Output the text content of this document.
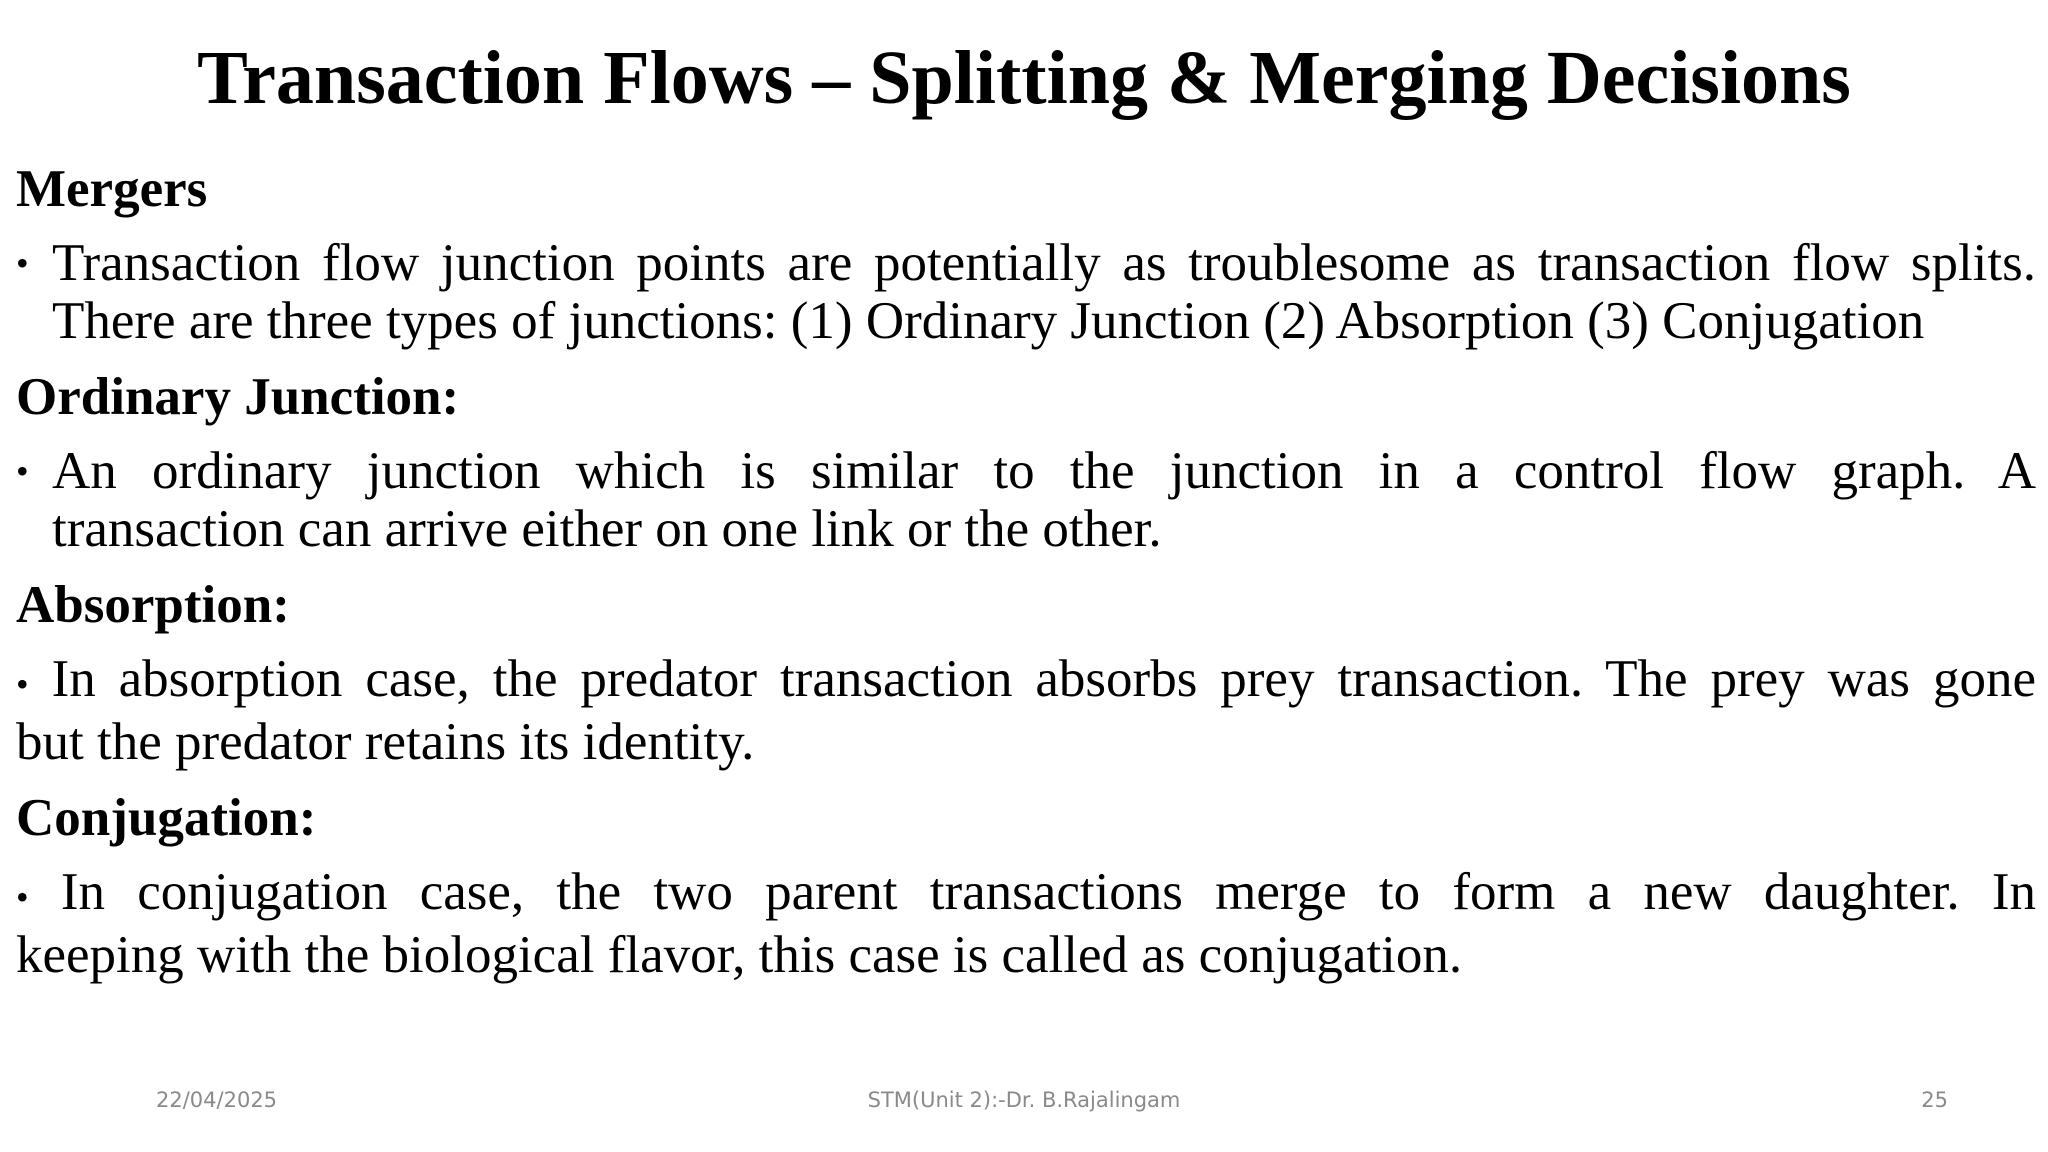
Transaction Flows – Splitting & Merging Decisions
Mergers
• Transaction flow junction points are potentially as troublesome as transaction flow splits.
There are three types of junctions: (1) Ordinary Junction (2) Absorption (3) Conjugation
Ordinary Junction:
• An ordinary junction which is similar to the junction in a control flow graph. A
transaction can arrive either on one link or the other.
Absorption:
• In absorption case, the predator transaction absorbs prey transaction. The prey was gone
but the predator retains its identity.
Conjugation:
• In conjugation case, the two parent transactions merge to form a new daughter. In
keeping with the biological flavor, this case is called as conjugation.
22/04/2025	STM(Unit 2):-Dr. B.Rajalingam	25
